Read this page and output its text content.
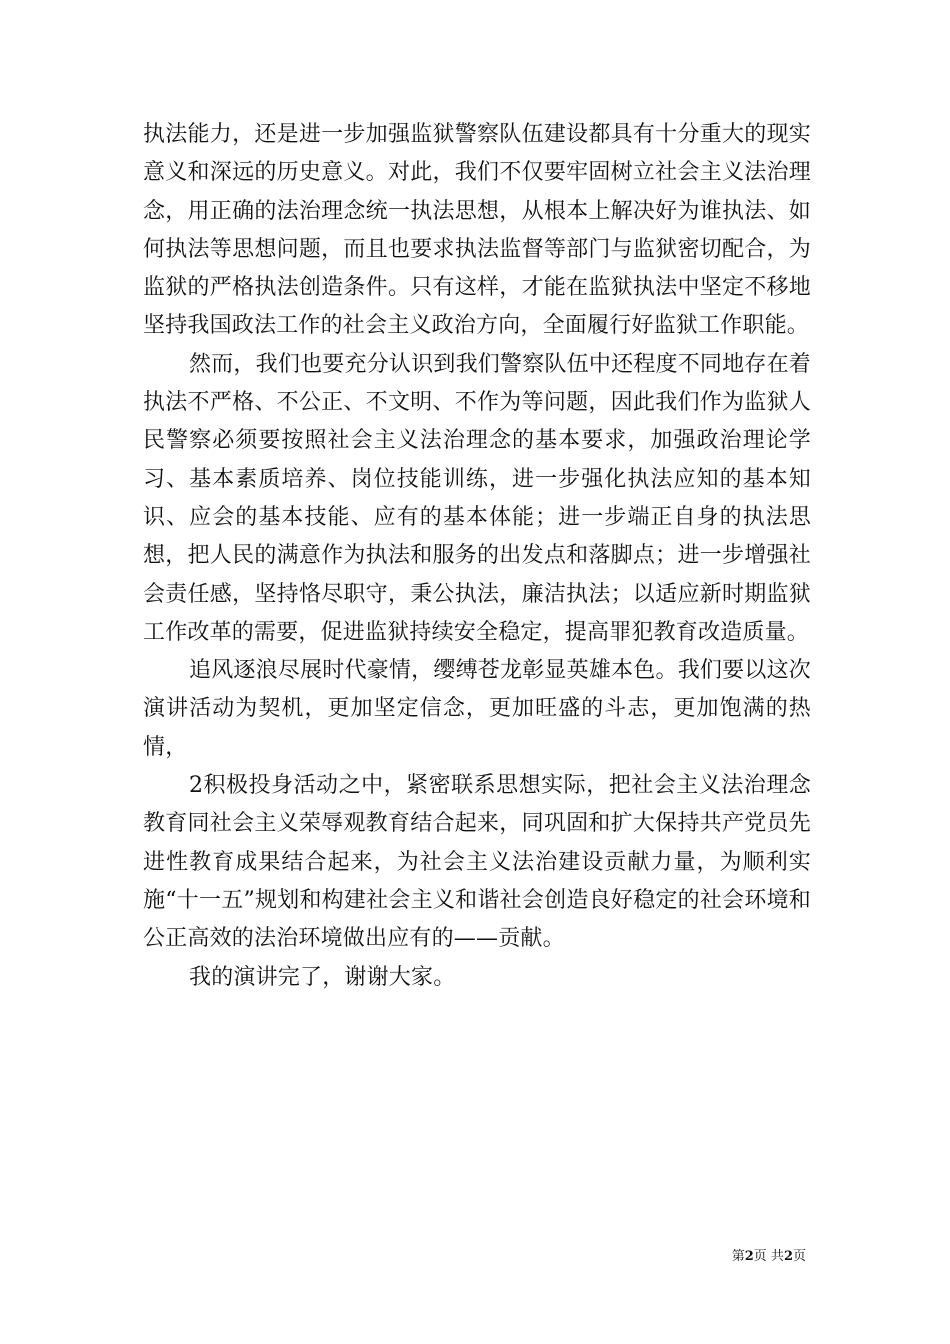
执法能力，还是进一步加强监狱警察队伍建设都具有十分重大的现实意义和深远的历史意义。对此，我们不仅要牢固树立社会主义法治理念，用正确的法治理念统一执法思想，从根本上解决好为谁执法、如何执法等思想问题，而且也要求执法监督等部门与监狱密切配合，为监狱的严格执法创造条件。只有这样，才能在监狱执法中坚定不移地坚持我国政法工作的社会主义政治方向，全面履行好监狱工作职能。

然而，我们也要充分认识到我们警察队伍中还程度不同地存在着执法不严格、不公正、不文明、不作为等问题，因此我们作为监狱人民警察必须要按照社会主义法治理念的基本要求，加强政治理论学习、基本素质培养、岗位技能训练，进一步强化执法应知的基本知识、应会的基本技能、应有的基本体能；进一步端正自身的执法思想，把人民的满意作为执法和服务的出发点和落脚点；进一步增强社会责任感，坚持恪尽职守，秉公执法，廉洁执法；以适应新时期监狱工作改革的需要，促进监狱持续安全稳定，提高罪犯教育改造质量。

追风逐浪尽展时代豪情，缨缚苍龙彰显英雄本色。我们要以这次演讲活动为契机，更加坚定信念，更加旺盛的斗志，更加饱满的热情，

2积极投身活动之中，紧密联系思想实际，把社会主义法治理念教育同社会主义荣辱观教育结合起来，同巩固和扩大保持共产党员先进性教育成果结合起来，为社会主义法治建设贡献力量，为顺利实施“十一五”规划和构建社会主义和谐社会创造良好稳定的社会环境和公正高效的法治环境做出应有的——贡献。

我的演讲完了，谢谢大家。

第2页 共2页
